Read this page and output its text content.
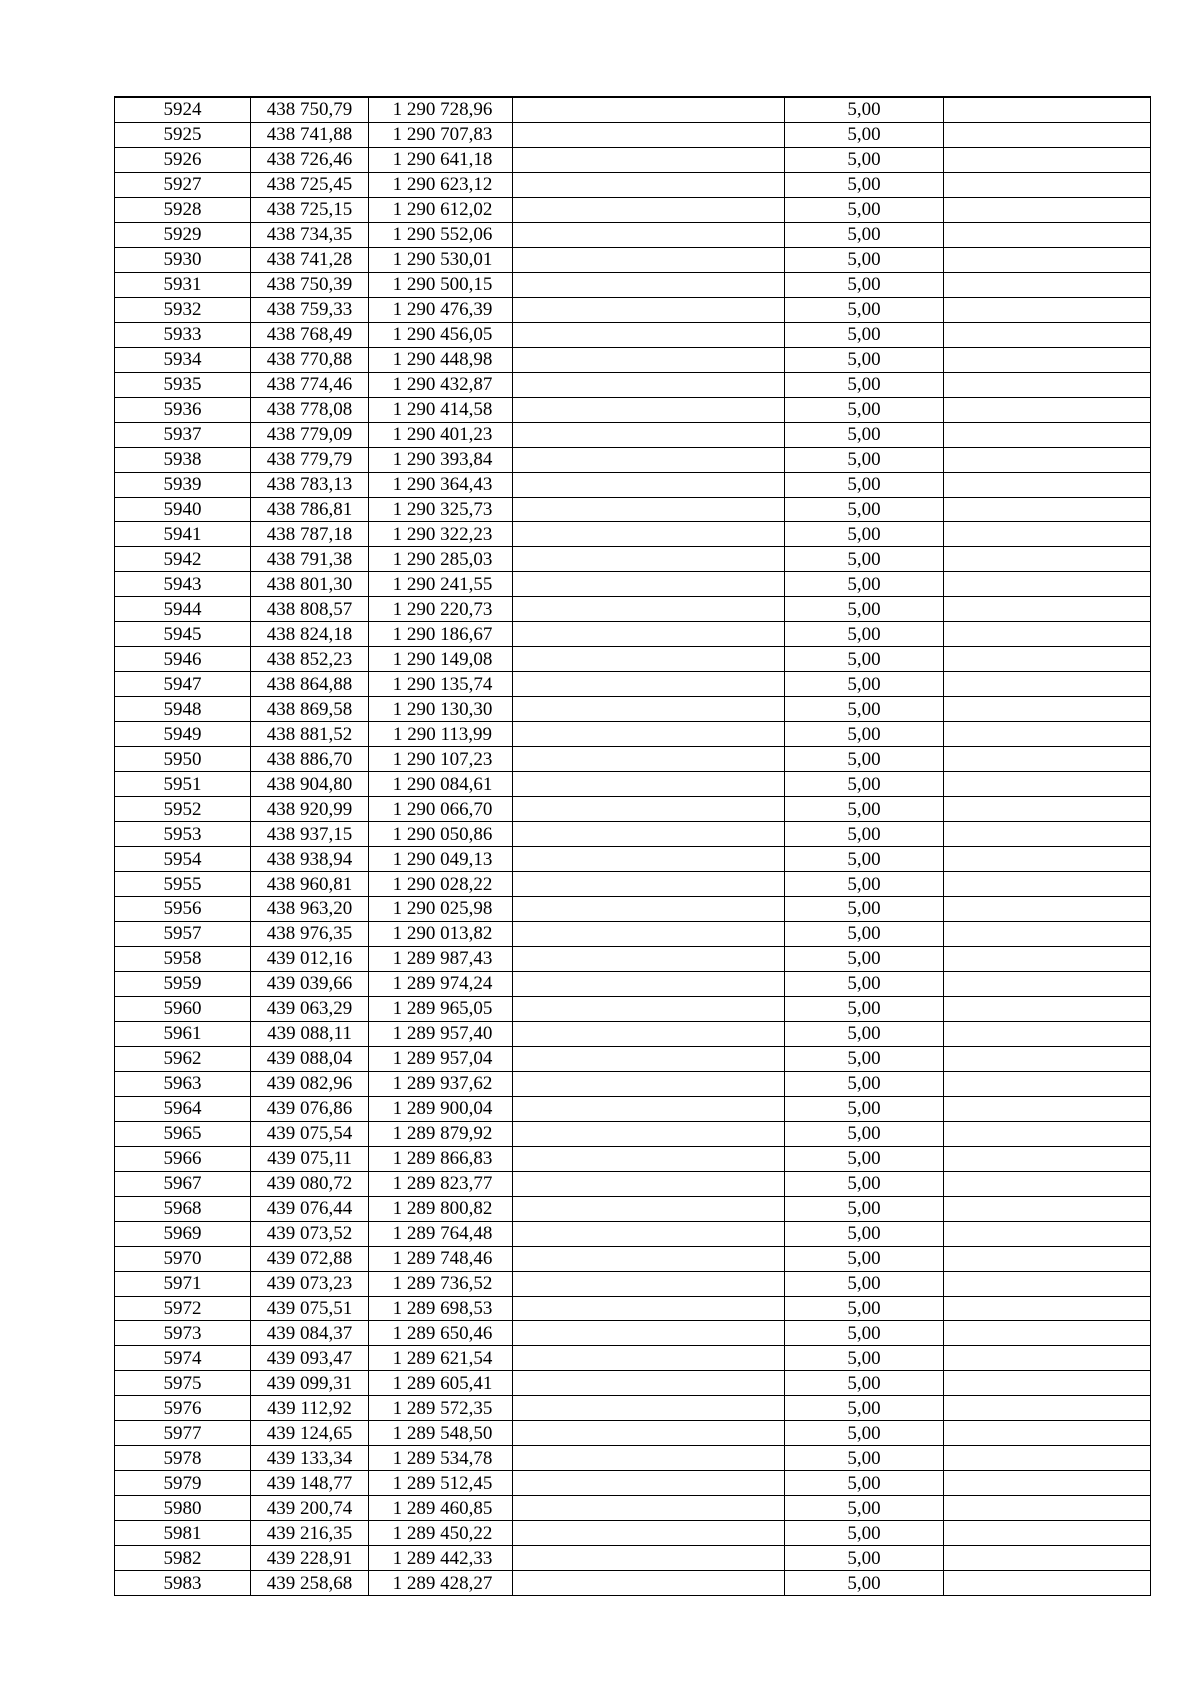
5924	438 750,79	1 290 728,96		5,00	
5925	438 741,88	1 290 707,83		5,00	
5926	438 726,46	1 290 641,18		5,00	
5927	438 725,45	1 290 623,12		5,00	
5928	438 725,15	1 290 612,02		5,00	
5929	438 734,35	1 290 552,06		5,00	
5930	438 741,28	1 290 530,01		5,00	
5931	438 750,39	1 290 500,15		5,00	
5932	438 759,33	1 290 476,39		5,00	
5933	438 768,49	1 290 456,05		5,00	
5934	438 770,88	1 290 448,98		5,00	
5935	438 774,46	1 290 432,87		5,00	
5936	438 778,08	1 290 414,58		5,00	
5937	438 779,09	1 290 401,23		5,00	
5938	438 779,79	1 290 393,84		5,00	
5939	438 783,13	1 290 364,43		5,00	
5940	438 786,81	1 290 325,73		5,00	
5941	438 787,18	1 290 322,23		5,00	
5942	438 791,38	1 290 285,03		5,00	
5943	438 801,30	1 290 241,55		5,00	
5944	438 808,57	1 290 220,73		5,00	
5945	438 824,18	1 290 186,67		5,00	
5946	438 852,23	1 290 149,08		5,00	
5947	438 864,88	1 290 135,74		5,00	
5948	438 869,58	1 290 130,30		5,00	
5949	438 881,52	1 290 113,99		5,00	
5950	438 886,70	1 290 107,23		5,00	
5951	438 904,80	1 290 084,61		5,00	
5952	438 920,99	1 290 066,70		5,00	
5953	438 937,15	1 290 050,86		5,00	
5954	438 938,94	1 290 049,13		5,00	
5955	438 960,81	1 290 028,22		5,00	
5956	438 963,20	1 290 025,98		5,00	
5957	438 976,35	1 290 013,82		5,00	
5958	439 012,16	1 289 987,43		5,00	
5959	439 039,66	1 289 974,24		5,00	
5960	439 063,29	1 289 965,05		5,00	
5961	439 088,11	1 289 957,40		5,00	
5962	439 088,04	1 289 957,04		5,00	
5963	439 082,96	1 289 937,62		5,00	
5964	439 076,86	1 289 900,04		5,00	
5965	439 075,54	1 289 879,92		5,00	
5966	439 075,11	1 289 866,83		5,00	
5967	439 080,72	1 289 823,77		5,00	
5968	439 076,44	1 289 800,82		5,00	
5969	439 073,52	1 289 764,48		5,00	
5970	439 072,88	1 289 748,46		5,00	
5971	439 073,23	1 289 736,52		5,00	
5972	439 075,51	1 289 698,53		5,00	
5973	439 084,37	1 289 650,46		5,00	
5974	439 093,47	1 289 621,54		5,00	
5975	439 099,31	1 289 605,41		5,00	
5976	439 112,92	1 289 572,35		5,00	
5977	439 124,65	1 289 548,50		5,00	
5978	439 133,34	1 289 534,78		5,00	
5979	439 148,77	1 289 512,45		5,00	
5980	439 200,74	1 289 460,85		5,00	
5981	439 216,35	1 289 450,22		5,00	
5982	439 228,91	1 289 442,33		5,00	
5983	439 258,68	1 289 428,27		5,00	
